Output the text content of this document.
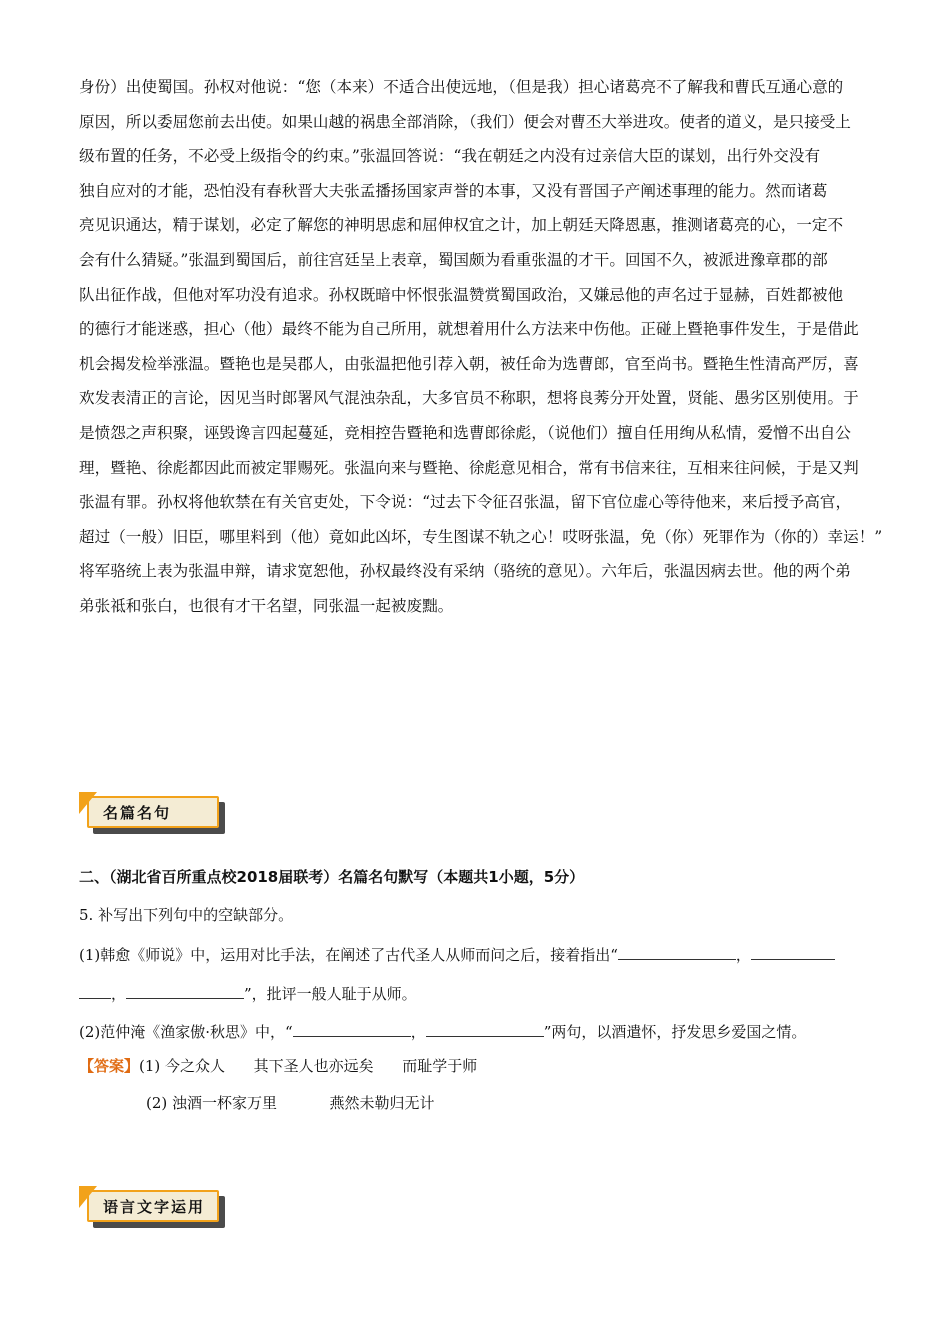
身份）出使蜀国。孙权对他说：“您（本来）不适合出使远地，（但是我）担心诸葛亮不了解我和曹氏互通心意的
原因，所以委屈您前去出使。如果山越的祸患全部消除，（我们）便会对曹丕大举进攻。使者的道义，是只接受上
级布置的任务，不必受上级指令的约束。”张温回答说：“我在朝廷之内没有过亲信大臣的谋划，出行外交没有
独自应对的才能，恐怕没有春秋晋大夫张孟播扬国家声誉的本事，又没有晋国子产阐述事理的能力。然而诸葛
亮见识通达，精于谋划，必定了解您的神明思虑和屈伸权宜之计，加上朝廷天降恩惠，推测诸葛亮的心，一定不
会有什么猜疑。”张温到蜀国后，前往宫廷呈上表章，蜀国颇为看重张温的才干。回国不久，被派进豫章郡的部
队出征作战，但他对军功没有追求。孙权既暗中怀恨张温赞赏蜀国政治，又嫌忌他的声名过于显赫，百姓都被他
的德行才能迷惑，担心（他）最终不能为自己所用，就想着用什么方法来中伤他。正碰上暨艳事件发生，于是借此
机会揭发检举涨温。暨艳也是吴郡人，由张温把他引荐入朝，被任命为选曹郎，官至尚书。暨艳生性清高严厉，喜
欢发表清正的言论，因见当时郎署风气混浊杂乱，大多官员不称职，想将良莠分开处置，贤能、愚劣区别使用。于
是愤怨之声积聚，诬毁谗言四起蔓延，竞相控告暨艳和选曹郎徐彪，（说他们）擅自任用绚从私情，爱憎不出自公
理，暨艳、徐彪都因此而被定罪赐死。张温向来与暨艳、徐彪意见相合，常有书信来往，互相来往问候，于是又判
张温有罪。孙权将他软禁在有关官吏处，下令说：“过去下令征召张温，留下官位虚心等待他来，来后授予高官，
超过（一般）旧臣，哪里料到（他）竟如此凶坏，专生图谋不轨之心！哎呀张温，免（你）死罪作为（你的）幸运！”
将军骆统上表为张温申辩，请求宽恕他，孙权最终没有采纳（骆统的意见）。六年后，张温因病去世。他的两个弟
弟张祗和张白，也很有才干名望，同张温一起被废黜。
名篇名句
二、（湖北省百所重点校2018届联考）名篇名句默写（本题共1小题，5分）
5. 补写出下列句中的空缺部分。
(1)韩愈《师说》中，运用对比手法，在阐述了古代圣人从师而问之后，接着指出“	，
，	”，批评一般人耻于从师。
(2)范仲淹《渔家傲·秋思》中，“	，	”两句，以酒遣怀，抒发思乡爱国之情。
【答案】(1) 今之众人      其下圣人也亦远矣      而耻学于师
(2) 浊酒一杯家万里           燕然未勒归无计
语言文字运用
